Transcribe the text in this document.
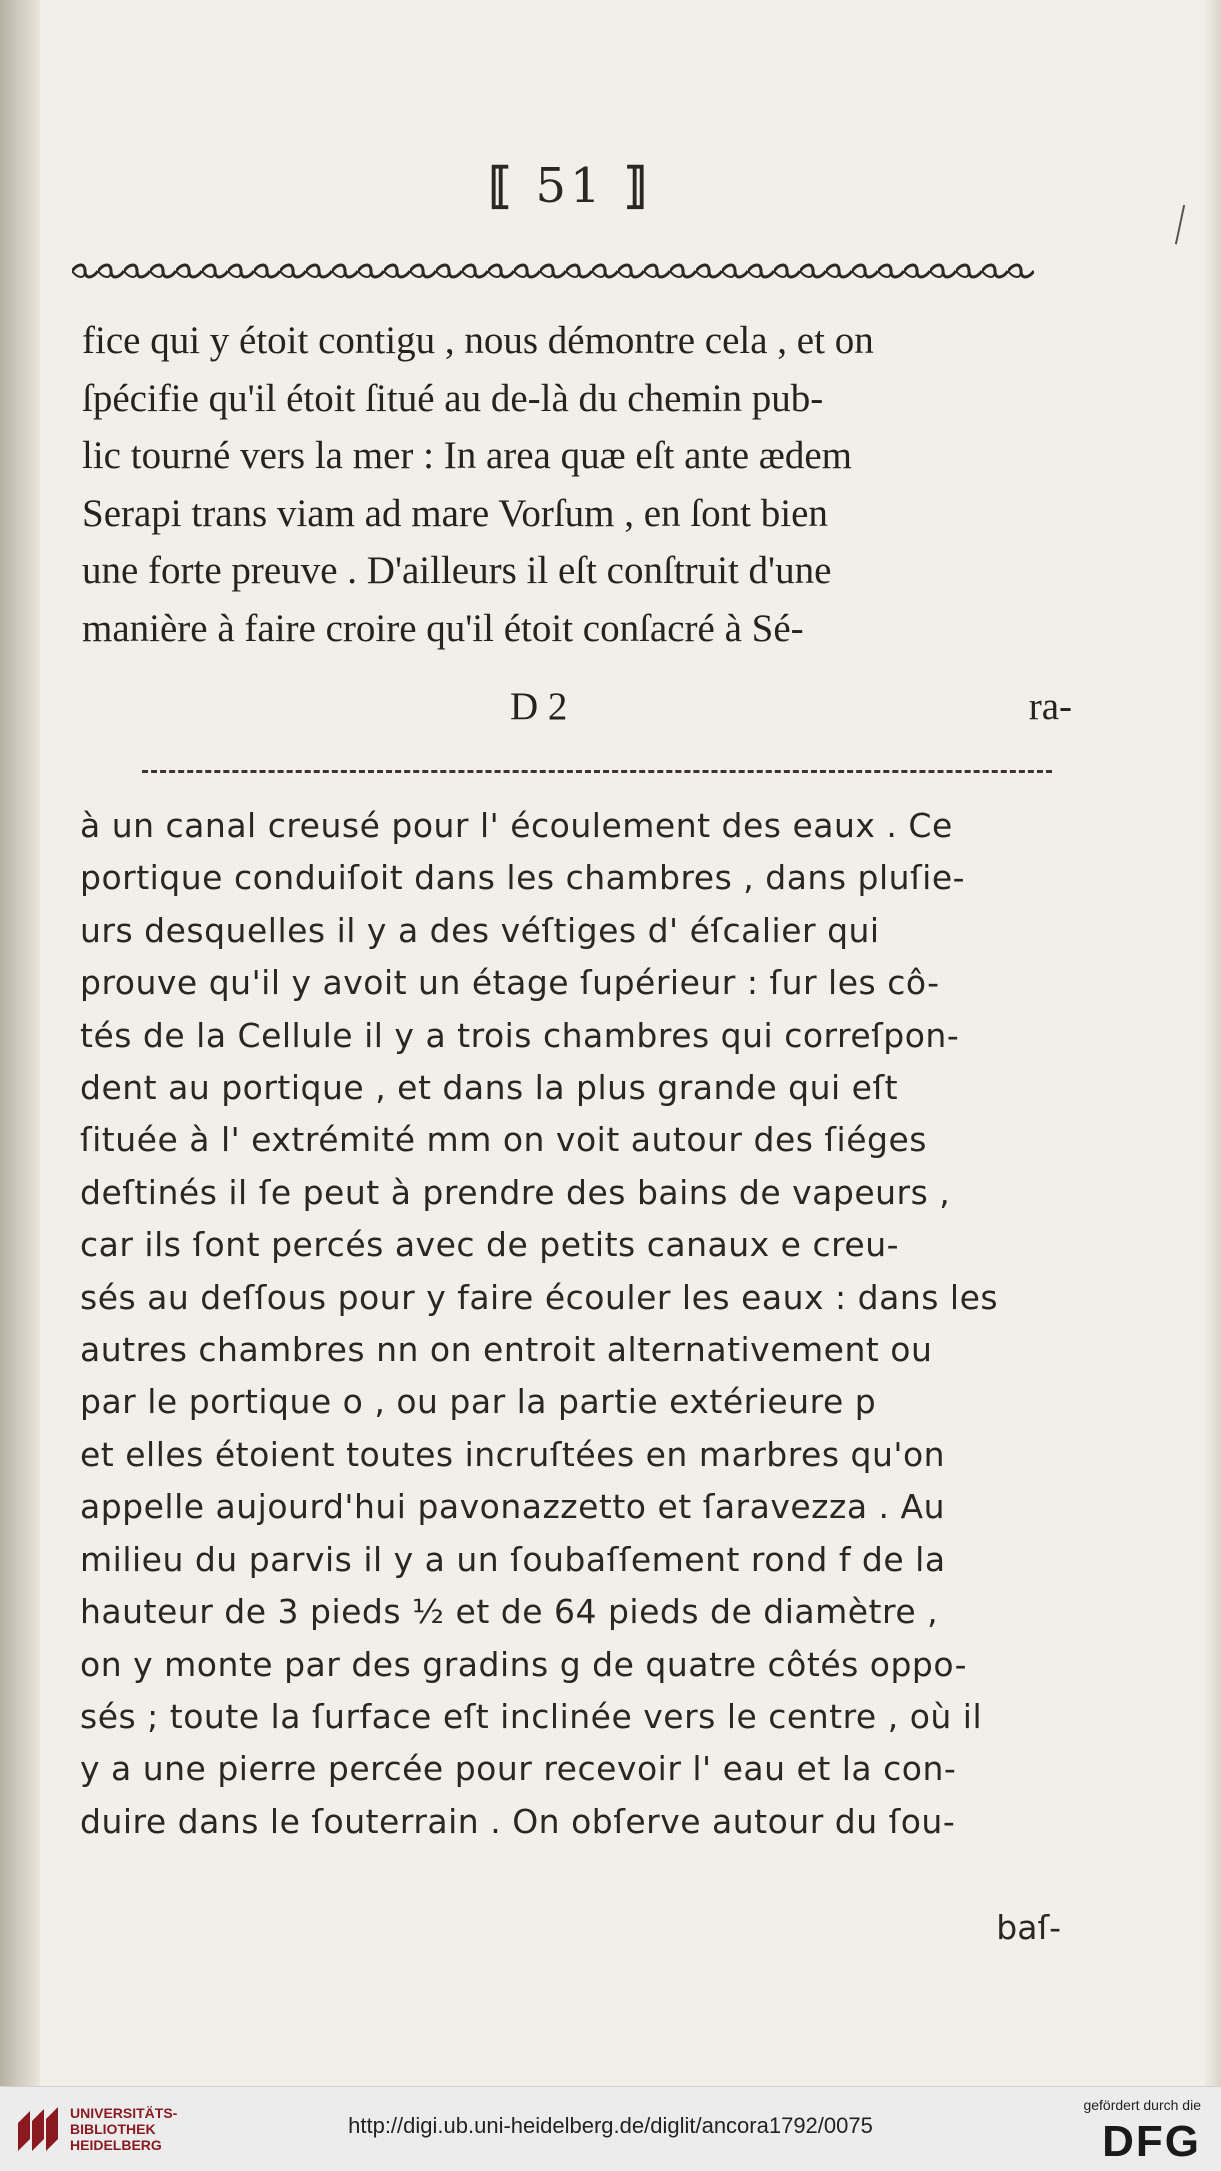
⟦ 51 ⟧
fice qui y étoit contigu , nous démontre cela , et on
ſpécifie qu'il étoit ſitué au de-là du chemin pub-
lic tourné vers la mer : In area quæ eſt ante ædem
Serapi trans viam ad mare Vorſum , en ſont bien
une forte preuve . D'ailleurs il eſt conſtruit d'une
manière à faire croire qu'il étoit conſacré à Sé-
D 2	ra-
à un canal creusé pour l' écoulement des eaux . Ce
portique conduiſoit dans les chambres , dans pluſie-
urs desquelles il y a des véſtiges d' éſcalier qui
prouve qu'il y avoit un étage ſupérieur : ſur les cô-
tés de la Cellule il y a trois chambres qui correſpon-
dent au portique , et dans la plus grande qui eſt
ſituée à l' extrémité mm on voit autour des ſiéges
deſtinés il ſe peut à prendre des bains de vapeurs ,
car ils ſont percés avec de petits canaux e creu-
sés au deſſous pour y faire écouler les eaux : dans les
autres chambres nn on entroit alternativement ou
par le portique o , ou par la partie extérieure p
et elles étoient toutes incruſtées en marbres qu'on
appelle aujourd'hui pavonazzetto et ſaravezza . Au
milieu du parvis il y a un ſoubaſſement rond f de la
hauteur de 3 pieds ½ et de 64 pieds de diamètre ,
on y monte par des gradins g de quatre côtés oppo-
sés ; toute la ſurface eſt inclinée vers le centre , où il
y a une pierre percée pour recevoir l' eau et la con-
duire dans le ſouterrain . On obſerve autour du ſou-
baſ-
UNIVERSITÄTS-
BIBLIOTHEK
HEIDELBERG
http://digi.ub.uni-heidelberg.de/diglit/ancora1792/0075
gefördert durch die
DFG
